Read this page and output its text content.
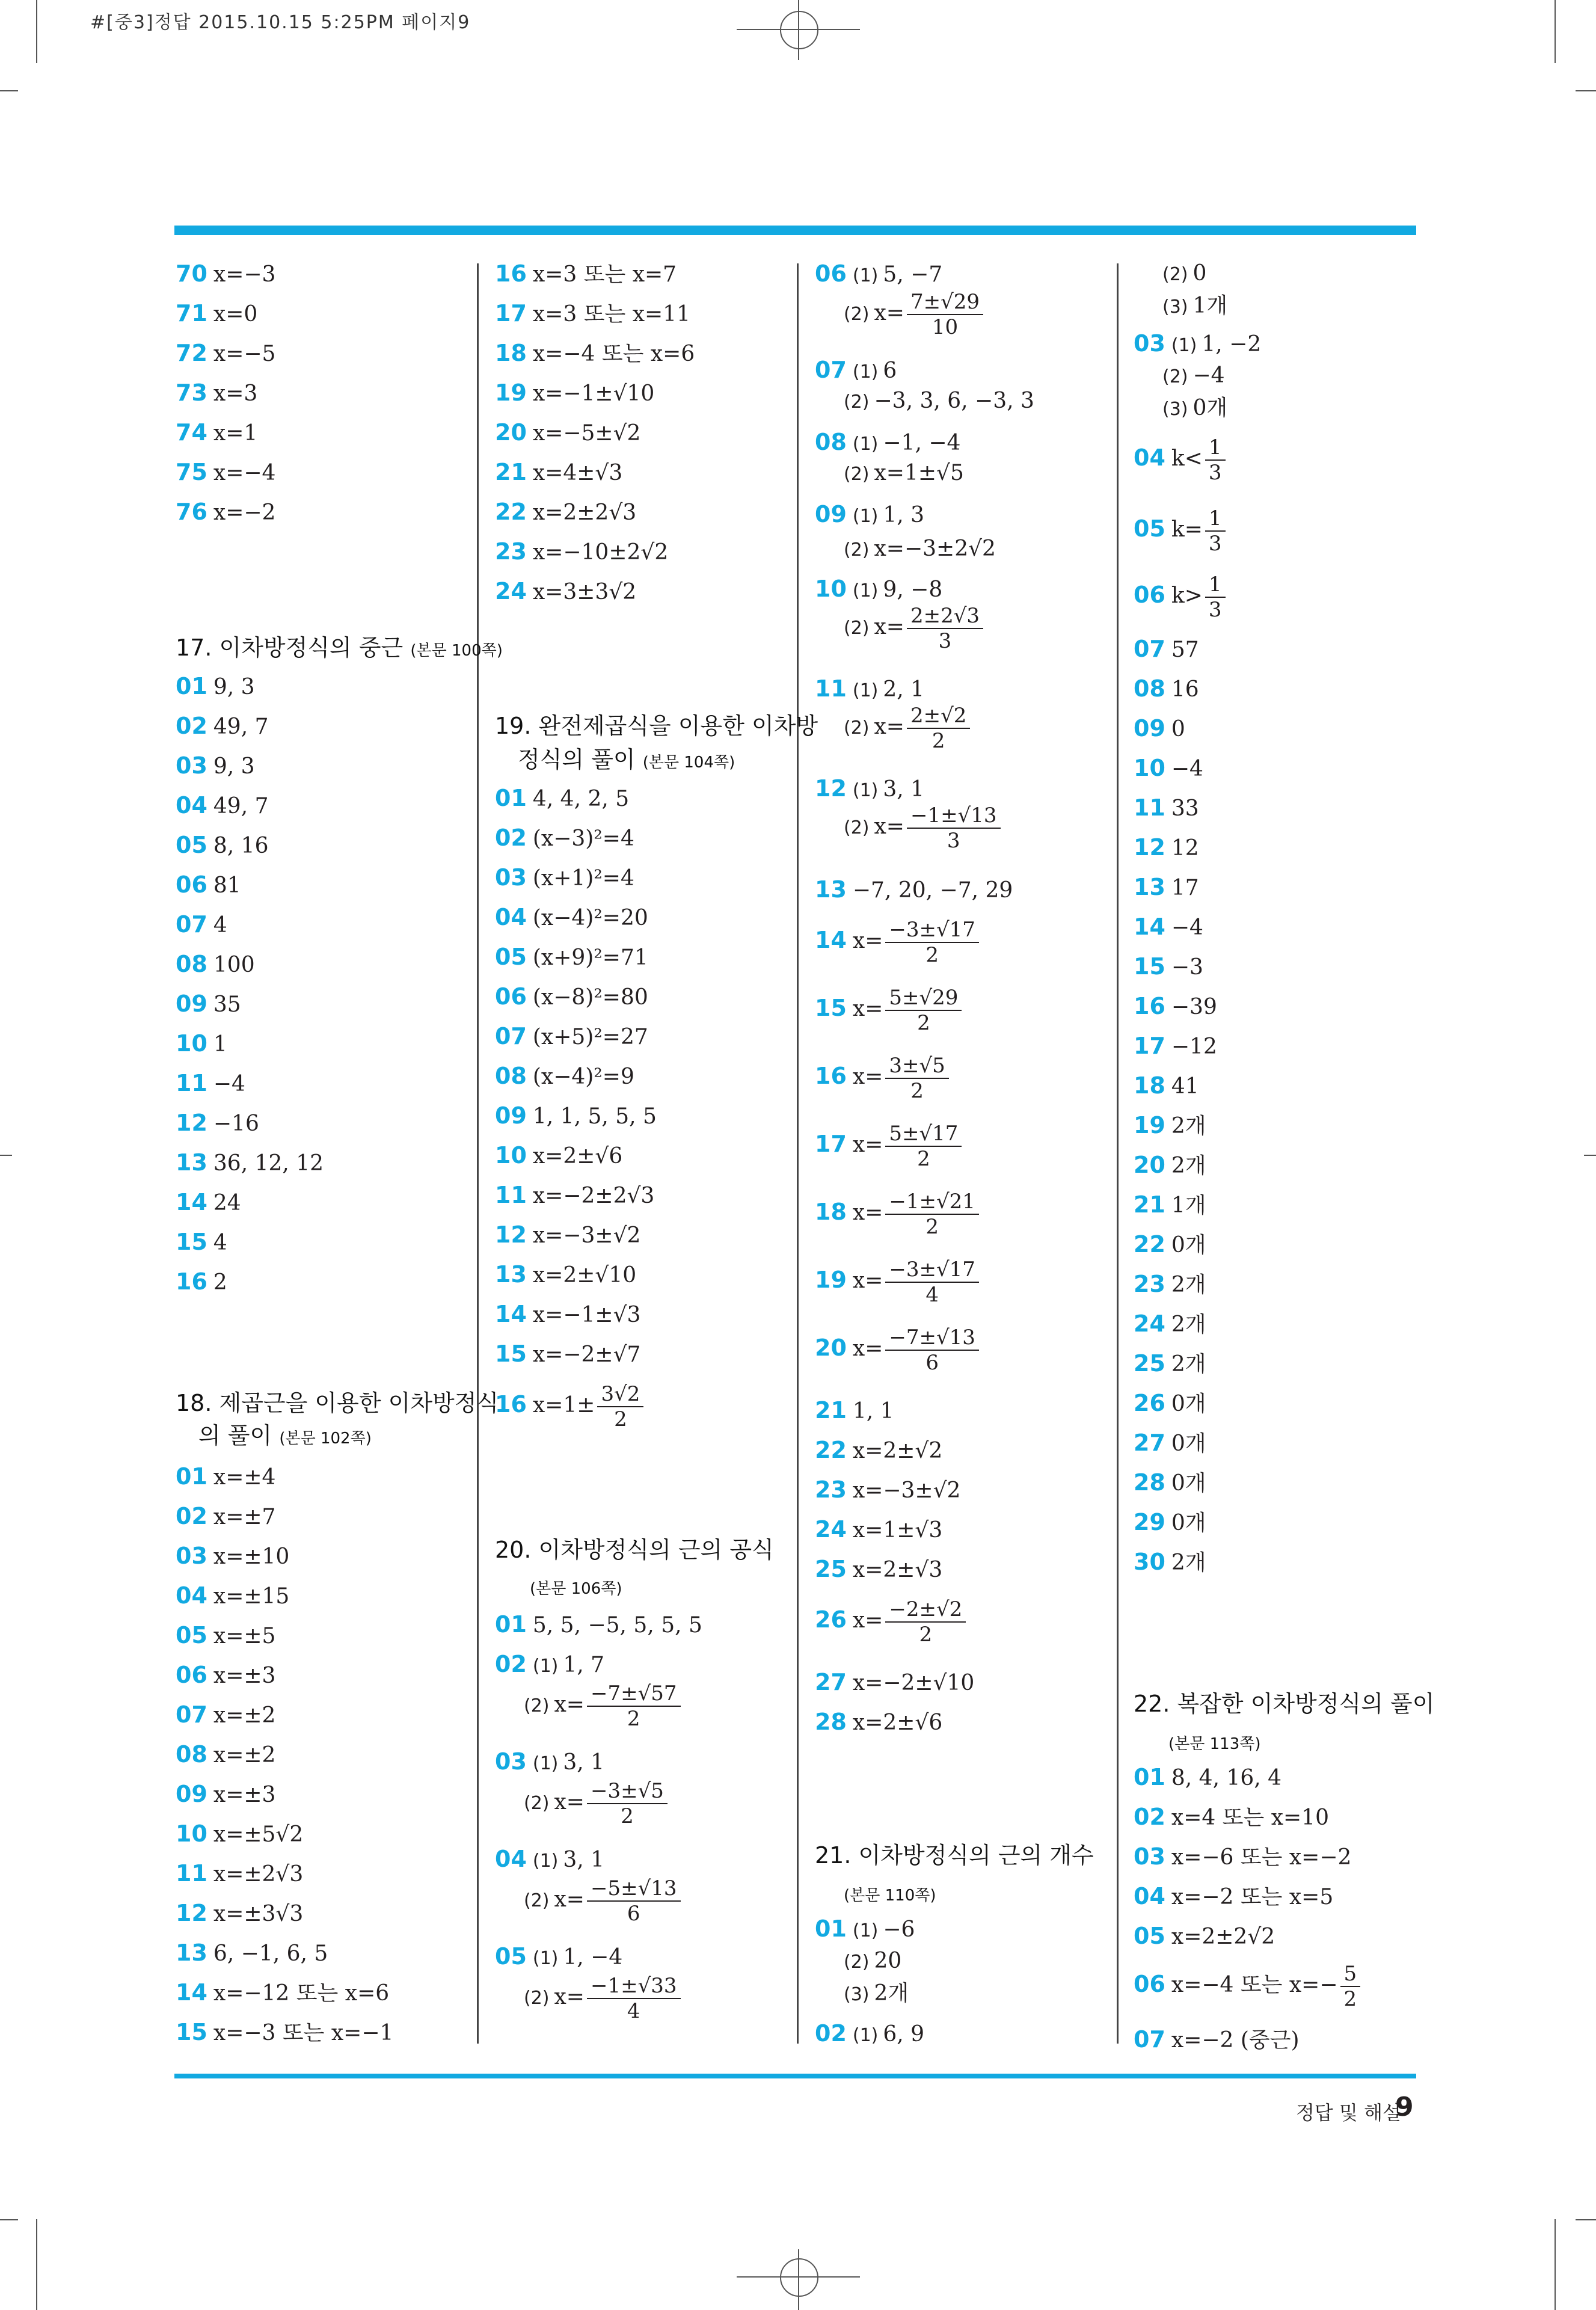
#[중3]정답 2015.10.15 5:25PM 페이지9
70 x=−3
71 x=0
72 x=−5
73 x=3
74 x=1
75 x=−4
76 x=−2
17. 이차방정식의 중근 (본문 100쪽)
01 9, 3
02 49, 7
03 9, 3
04 49, 7
05 8, 16
06 81
07 4
08 100
09 35
10 1
11 −4
12 −16
13 36, 12, 12
14 24
15 4
16 2
18. 제곱근을 이용한 이차방정식
의 풀이 (본문 102쪽)
01 x=±4
02 x=±7
03 x=±10
04 x=±15
05 x=±5
06 x=±3
07 x=±2
08 x=±2
09 x=±3
10 x=±5√2
11 x=±2√3
12 x=±3√3
13 6, −1, 6, 5
14 x=−12 또는 x=6
15 x=−3 또는 x=−1
16 x=3 또는 x=7
17 x=3 또는 x=11
18 x=−4 또는 x=6
19 x=−1±√10
20 x=−5±√2
21 x=4±√3
22 x=2±2√3
23 x=−10±2√2
24 x=3±3√2
19. 완전제곱식을 이용한 이차방
정식의 풀이 (본문 104쪽)
01 4, 4, 2, 5
02 (x−3)²=4
03 (x+1)²=4
04 (x−4)²=20
05 (x+9)²=71
06 (x−8)²=80
07 (x+5)²=27
08 (x−4)²=9
09 1, 1, 5, 5, 5
10 x=2±√6
11 x=−2±2√3
12 x=−3±√2
13 x=2±√10
14 x=−1±√3
15 x=−2±√7
16 $x=1\pm \frac{3√2}{2}$
20. 이차방정식의 근의 공식
(본문 106쪽)
01 5, 5, −5, 5, 5, 5
02 (1) 1, 7
(2) $x= \frac{-7\pm√57}{2}$
03 (1) 3, 1
(2) $x= \frac{-3\pm√5}{2}$
04 (1) 3, 1
(2) $x= \frac{-5\pm√13}{6}$
05 (1) 1, −4
(2) $x= \frac{-1\pm√33}{4}$
06 (1) 5, −7
(2) $x= \frac{7\pm√29}{10}$
07 (1) 6
(2) −3, 3, 6, −3, 3
08 (1) −1, −4
(2) x=1±√5
09 (1) 1, 3
(2) x=−3±2√2
10 (1) 9, −8
(2) $x= \frac{2\pm 2√3}{3}$
11 (1) 2, 1
(2) $x= \frac{2\pm√2}{2}$
12 (1) 3, 1
(2) $x= \frac{-1\pm√13}{3}$
13 −7, 20, −7, 29
14 $x= \frac{-3\pm√17}{2}$
15 $x= \frac{5\pm√29}{2}$
16 $x= \frac{3\pm√5}{2}$
17 $x= \frac{5\pm√17}{2}$
18 $x= \frac{-1\pm√21}{2}$
19 $x= \frac{-3\pm√17}{4}$
20 $x= \frac{-7\pm√13}{6}$
21 1, 1
22 x=2±√2
23 x=−3±√2
24 x=1±√3
25 x=2±√3
26 $x= \frac{-2\pm√2}{2}$
27 x=−2±√10
28 x=2±√6
21. 이차방정식의 근의 개수
(본문 110쪽)
01 (1) −6
(2) 20
(3) 2개
02 (1) 6, 9
(2) 0
(3) 1개
03 (1) 1, −2
(2) −4
(3) 0개
04 $k< \frac{1}{3}$
05 $k= \frac{1}{3}$
06 $k> \frac{1}{3}$
07 57
08 16
09 0
10 −4
11 33
12 12
13 17
14 −4
15 −3
16 −39
17 −12
18 41
19 2개
20 2개
21 1개
22 0개
23 2개
24 2개
25 2개
26 0개
27 0개
28 0개
29 0개
30 2개
22. 복잡한 이차방정식의 풀이
(본문 113쪽)
01 8, 4, 16, 4
02 x=4 또는 x=10
03 x=−6 또는 x=−2
04 x=−2 또는 x=5
05 x=2±2√2
06 x=−4 또는 $x=- \frac{5}{2}$
07 x=−2 (중근)
정답 및 해설
9
